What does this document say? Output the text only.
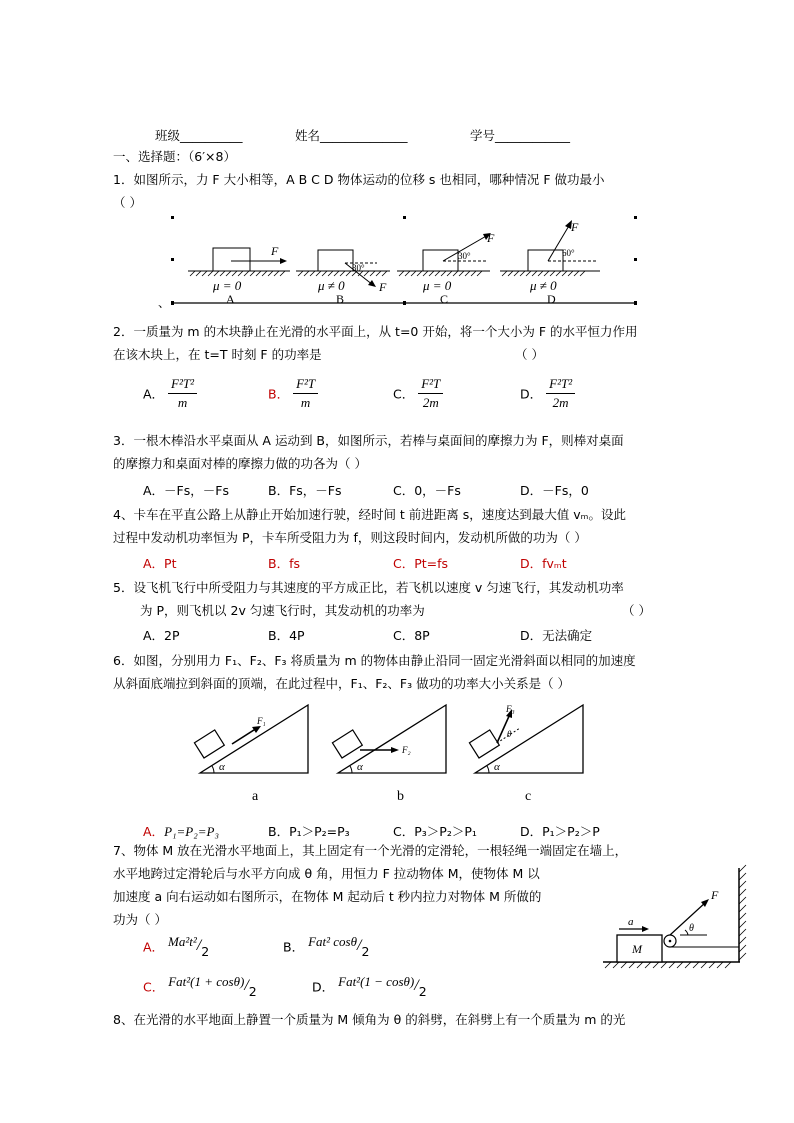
班级__________	姓名______________	学号____________
一、选择题：（6′×8）
1．如图所示，力 F 大小相等，A B C D 物体运动的位移 s 也相同，哪种情况 F 做功最小
（ ）
、
F
μ = 0
A
30°
F
μ ≠ 0
B
30°
F
μ = 0
C
60°
F
μ ≠ 0
D
2．一质量为 m 的木块静止在光滑的水平面上，从 t=0 开始，将一个大小为 F 的水平恒力作用
在该木块上，在 t=T 时刻 F 的功率是	（ ）
A． $\frac{\text{F²T²}}{m}$	B． $\frac{\text{F²T}}{m}$	C． $\frac{\text{F²T}}{2m}$	D． $\frac{\text{F²T²}}{2m}$
3．一根木棒沿水平桌面从 A 运动到 B，如图所示，若棒与桌面间的摩擦力为 F，则棒对桌面
的摩擦力和桌面对棒的摩擦力做的功各为（ ）
A．－Fs，－Fs	B．Fs，－Fs	C．0，－Fs	D．－Fs，0
4、卡车在平直公路上从静止开始加速行驶，经时间 t 前进距离 s，速度达到最大值 vₘ。设此
过程中发动机功率恒为 P，卡车所受阻力为 f，则这段时间内，发动机所做的功为（ ）
A．Pt	B．fs	C．Pt=fs	D．fvₘt
5．设飞机飞行中所受阻力与其速度的平方成正比，若飞机以速度 v 匀速飞行，其发动机功率
为 P，则飞机以 2v 匀速飞行时，其发动机的功率为	（ ）
A．2P	B．4P	C．8P	D．无法确定
6．如图，分别用力 F₁、F₂、F₃ 将质量为 m 的物体由静止沿同一固定光滑斜面以相同的加速度
从斜面底端拉到斜面的顶端，在此过程中，F₁、F₂、F₃ 做功的功率大小关系是（ ）
F₁
α
a
F₂
α
b
F₃
θ
α
c
A．P₁=P₂=P₃	B．P₁＞P₂=P₃	C．P₃＞P₂＞P₁	D．P₁＞P₂＞P
7、物体 M 放在光滑水平地面上，其上固定有一个光滑的定滑轮，一根轻绳一端固定在墙上，
水平地跨过定滑轮后与水平方向成 θ 角，用恒力 F 拉动物体 M，使物体 M 以
加速度 a 向右运动如右图所示，在物体 M 起动后 t 秒内拉力对物体 M 所做的
功为（ ）
A． Ma²t²/2	B． Fat² cosθ/2
C． Fat²(1 + cosθ)/2	D． Fat²(1 − cosθ)/2
M
F
θ
a
8、在光滑的水平地面上静置一个质量为 M 倾角为 θ 的斜劈，在斜劈上有一个质量为 m 的光
